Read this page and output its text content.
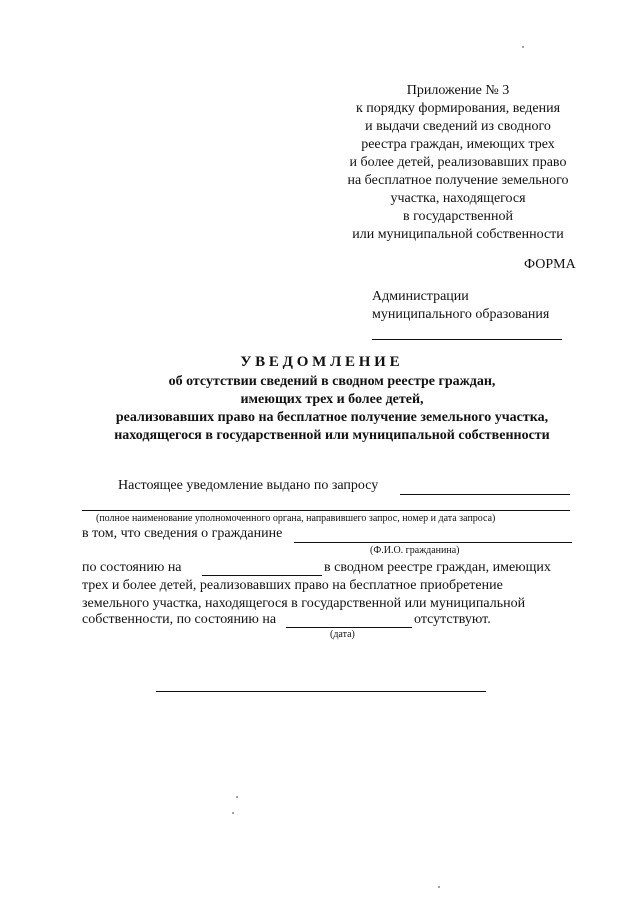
Приложение № 3
к порядку формирования, ведения
и выдачи сведений из сводного
реестра граждан, имеющих трех
и более детей, реализовавших право
на бесплатное получение земельного
участка, находящегося
в государственной
или муниципальной собственности
ФОРМА
Администрации
муниципального образования
У В Е Д О М Л Е Н И Е
об отсутствии сведений в сводном реестре граждан,
имеющих трех и более детей,
реализовавших право на бесплатное получение земельного участка,
находящегося в государственной или муниципальной собственности
Настоящее уведомление выдано по запросу
(полное наименование уполномоченного органа, направившего запрос, номер и дата запроса)
в том, что сведения о гражданине
(Ф.И.О. гражданина)
по состоянию на	в сводном реестре граждан, имеющих
трех и более детей, реализовавших право на бесплатное приобретение
земельного участка, находящегося в государственной или муниципальной
собственности, по состоянию на	отсутствуют.
(дата)
